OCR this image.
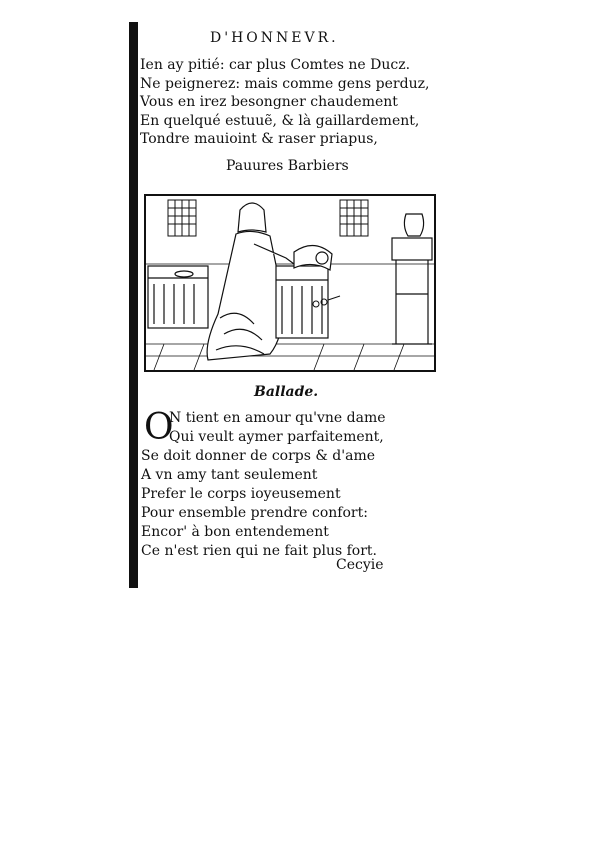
D'HONNEVR.
Ien ay pitié: car plus Comtes ne Ducz.
Ne peignerez: mais comme gens perduz,
Vous en irez besongner chaudement
En quelqué estuuẽ, & là gaillardement,
Tondre mauioint & raser priapus,
Pauures Barbiers
Ballade.
O
N tient en amour qu'vne dame
Qui veult aymer parfaitement,
Se doit donner de corps & d'ame
A vn amy tant seulement
Prefer le corps ioyeusement
Pour ensemble prendre confort:
Encor' à bon entendement
Ce n'est rien qui ne fait plus fort.
Cecyie
